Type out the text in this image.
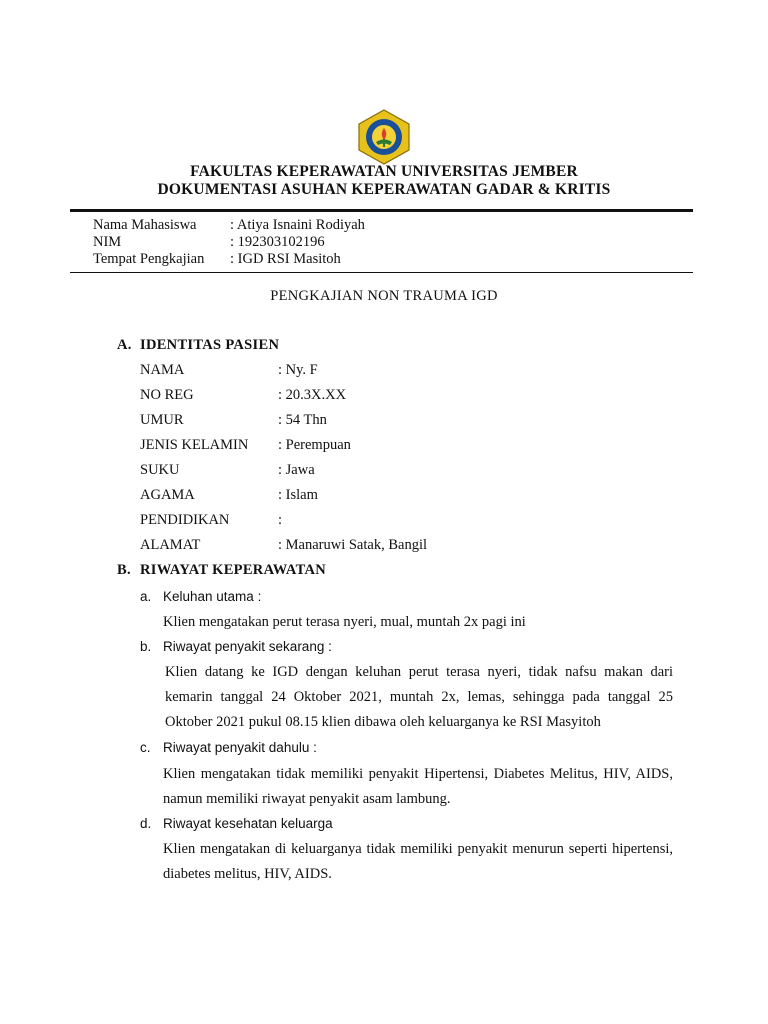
FAKULTAS KEPERAWATAN UNIVERSITAS JEMBER
DOKUMENTASI ASUHAN KEPERAWATAN GADAR & KRITIS
Nama Mahasiswa : Atiya Isnaini Rodiyah
NIM	: 192303102196
Tempat Pengkajian : IGD RSI Masitoh
PENGKAJIAN NON TRAUMA IGD
A. IDENTITAS PASIEN
NAMA	: Ny. F
NO REG	: 20.3X.XX
UMUR	: 54 Thn
JENIS KELAMIN : Perempuan
SUKU	: Jawa
AGAMA	: Islam
PENDIDIKAN	:
ALAMAT	: Manaruwi Satak, Bangil
B. RIWAYAT KEPERAWATAN
a. Keluhan utama :
Klien mengatakan perut terasa nyeri, mual, muntah 2x pagi ini
b. Riwayat penyakit sekarang :
Klien datang ke IGD dengan keluhan perut terasa nyeri, tidak nafsu makan dari kemarin tanggal 24 Oktober 2021, muntah 2x, lemas, sehingga pada tanggal 25 Oktober 2021 pukul 08.15 klien dibawa oleh keluarganya ke RSI Masyitoh
c. Riwayat penyakit dahulu :
Klien mengatakan tidak memiliki penyakit Hipertensi, Diabetes Melitus, HIV, AIDS, namun memiliki riwayat penyakit asam lambung.
d. Riwayat kesehatan keluarga
Klien mengatakan di keluarganya tidak memiliki penyakit menurun seperti hipertensi, diabetes melitus, HIV, AIDS.
